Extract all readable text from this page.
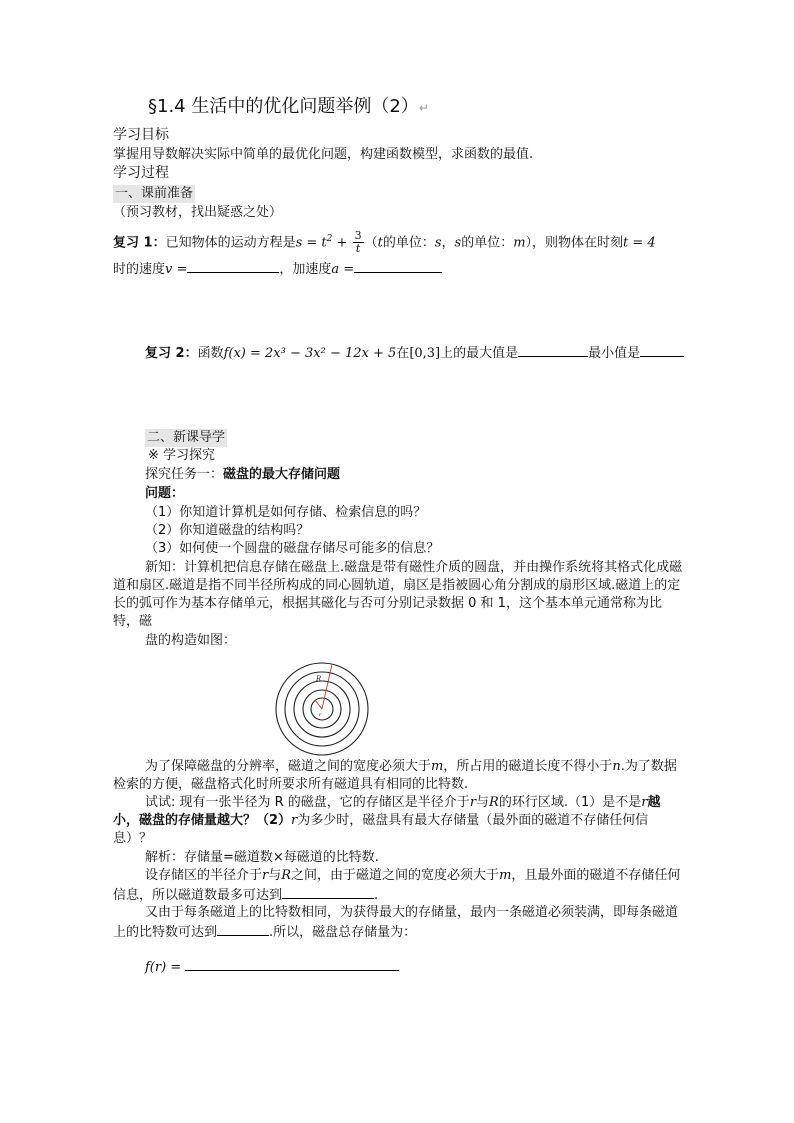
§1.4 生活中的优化问题举例（2）↵
学习目标
掌握用导数解决实际中简单的最优化问题，构建函数模型，求函数的最值.
学习过程
一、课前准备
（预习教材，找出疑惑之处）
复习 1：已知物体的运动方程是$s = t^2 + \frac{3}{t} (t$的单位：s，s的单位：m），则物体在时刻t = 4
时的速度v =	，加速度a =
复习 2：函数f(x) = 2x³ − 3x² − 12x + 5在[0,3]上的最大值是	最小值是
二、新课导学
※ 学习探究
探究任务一：磁盘的最大存储问题
问题：
（1）你知道计算机是如何存储、检索信息的吗？
（2）你知道磁盘的结构吗？
（3）如何使一个圆盘的磁盘存储尽可能多的信息？
新知：计算机把信息存储在磁盘上.磁盘是带有磁性介质的圆盘，并由操作系统将其格式化成磁道和扇区.磁道是指不同半径所构成的同心圆轨道，扇区是指被圆心角分割成的扇形区域.磁道上的定长的弧可作为基本存储单元，根据其磁化与否可分别记录数据 0 和 1，这个基本单元通常称为比特，磁
盘的构造如图：
R
r
为了保障磁盘的分辨率，磁道之间的宽度必须大于m，所占用的磁道长度不得小于n.为了数据检索的方便，磁盘格式化时所要求所有磁道具有相同的比特数.
试试: 现有一张半径为 R 的磁盘，它的存储区是半径介于r与R的环行区域.（1）是不是r越小，磁盘的存储量越大？（2）r为多少时，磁盘具有最大存储量（最外面的磁道不存储任何信息）？
解析：存储量=磁道数×每磁道的比特数.
设存储区的半径介于r与R之间，由于磁道之间的宽度必须大于m，且最外面的磁道不存储任何信息，所以磁道数最多可达到	.
又由于每条磁道上的比特数相同，为获得最大的存储量，最内一条磁道必须装满，即每条磁道上的比特数可达到	.所以，磁盘总存储量为：
f(r) =
